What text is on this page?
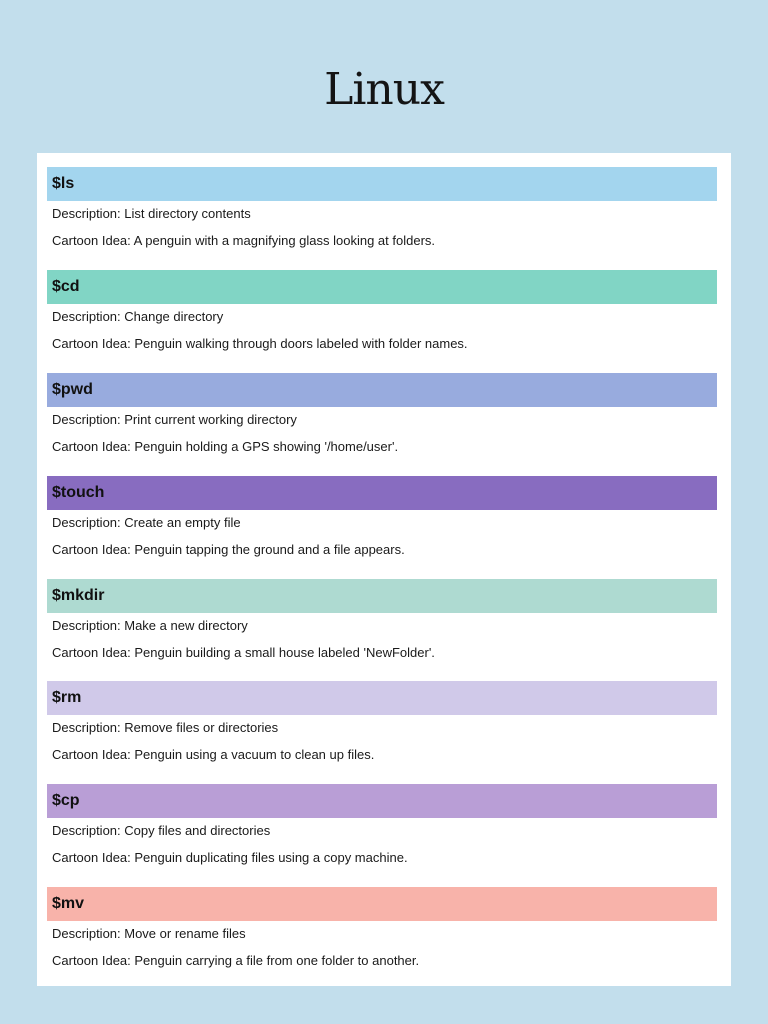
Linux
$ls
Description: List directory contents
Cartoon Idea: A penguin with a magnifying glass looking at folders.
$cd
Description: Change directory
Cartoon Idea: Penguin walking through doors labeled with folder names.
$pwd
Description: Print current working directory
Cartoon Idea: Penguin holding a GPS showing '/home/user'.
$touch
Description: Create an empty file
Cartoon Idea: Penguin tapping the ground and a file appears.
$mkdir
Description: Make a new directory
Cartoon Idea: Penguin building a small house labeled 'NewFolder'.
$rm
Description: Remove files or directories
Cartoon Idea: Penguin using a vacuum to clean up files.
$cp
Description: Copy files and directories
Cartoon Idea: Penguin duplicating files using a copy machine.
$mv
Description: Move or rename files
Cartoon Idea: Penguin carrying a file from one folder to another.
